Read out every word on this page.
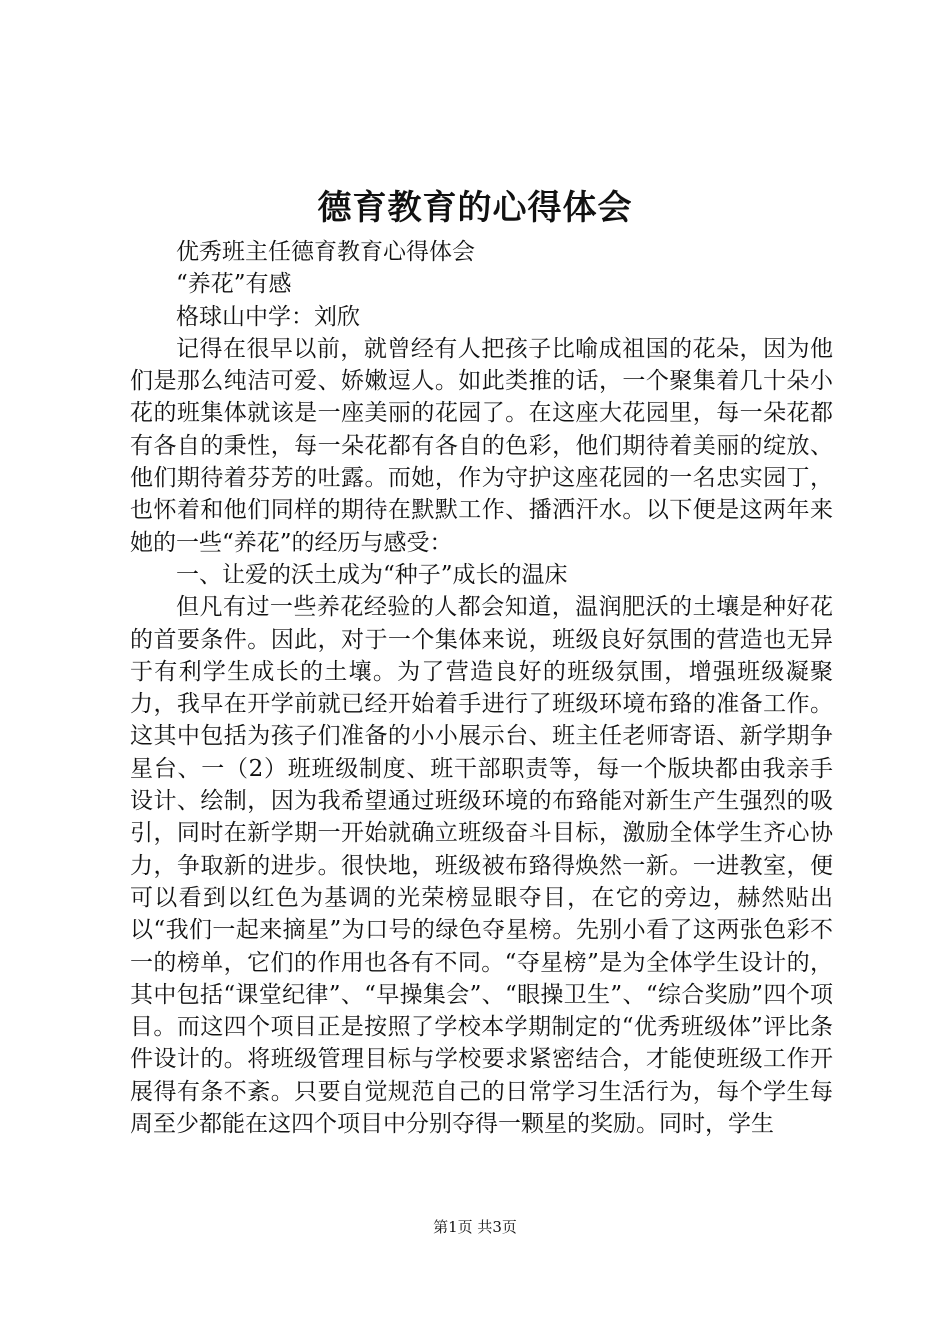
德育教育的心得体会

优秀班主任德育教育心得体会

“养花”有感

格球山中学：刘欣

记得在很早以前，就曾经有人把孩子比喻成祖国的花朵，因为他们是那么纯洁可爱、娇嫩逗人。如此类推的话，一个聚集着几十朵小花的班集体就该是一座美丽的花园了。在这座大花园里，每一朵花都有各自的秉性，每一朵花都有各自的色彩，他们期待着美丽的绽放、他们期待着芬芳的吐露。而她，作为守护这座花园的一名忠实园丁，也怀着和他们同样的期待在默默工作、播洒汗水。以下便是这两年来她的一些“养花”的经历与感受：

一、让爱的沃土成为“种子”成长的温床

但凡有过一些养花经验的人都会知道，温润肥沃的土壤是种好花的首要条件。因此，对于一个集体来说，班级良好氛围的营造也无异于有利学生成长的土壤。为了营造良好的班级氛围，增强班级凝聚力，我早在开学前就已经开始着手进行了班级环境布臵的准备工作。这其中包括为孩子们准备的小小展示台、班主任老师寄语、新学期争星台、一（2）班班级制度、班干部职责等，每一个版块都由我亲手设计、绘制，因为我希望通过班级环境的布臵能对新生产生强烈的吸引，同时在新学期一开始就确立班级奋斗目标，激励全体学生齐心协力，争取新的进步。很快地，班级被布臵得焕然一新。一进教室，便可以看到以红色为基调的光荣榜显眼夺目，在它的旁边，赫然贴出以“我们一起来摘星”为口号的绿色夺星榜。先别小看了这两张色彩不一的榜单，它们的作用也各有不同。“夺星榜”是为全体学生设计的，其中包括“课堂纪律”、“早操集会”、“眼操卫生”、“综合奖励”四个项目。而这四个项目正是按照了学校本学期制定的“优秀班级体”评比条件设计的。将班级管理目标与学校要求紧密结合，才能使班级工作开展得有条不紊。只要自觉规范自己的日常学习生活行为，每个学生每周至少都能在这四个项目中分别夺得一颗星的奖励。同时，学生

第1页 共3页
